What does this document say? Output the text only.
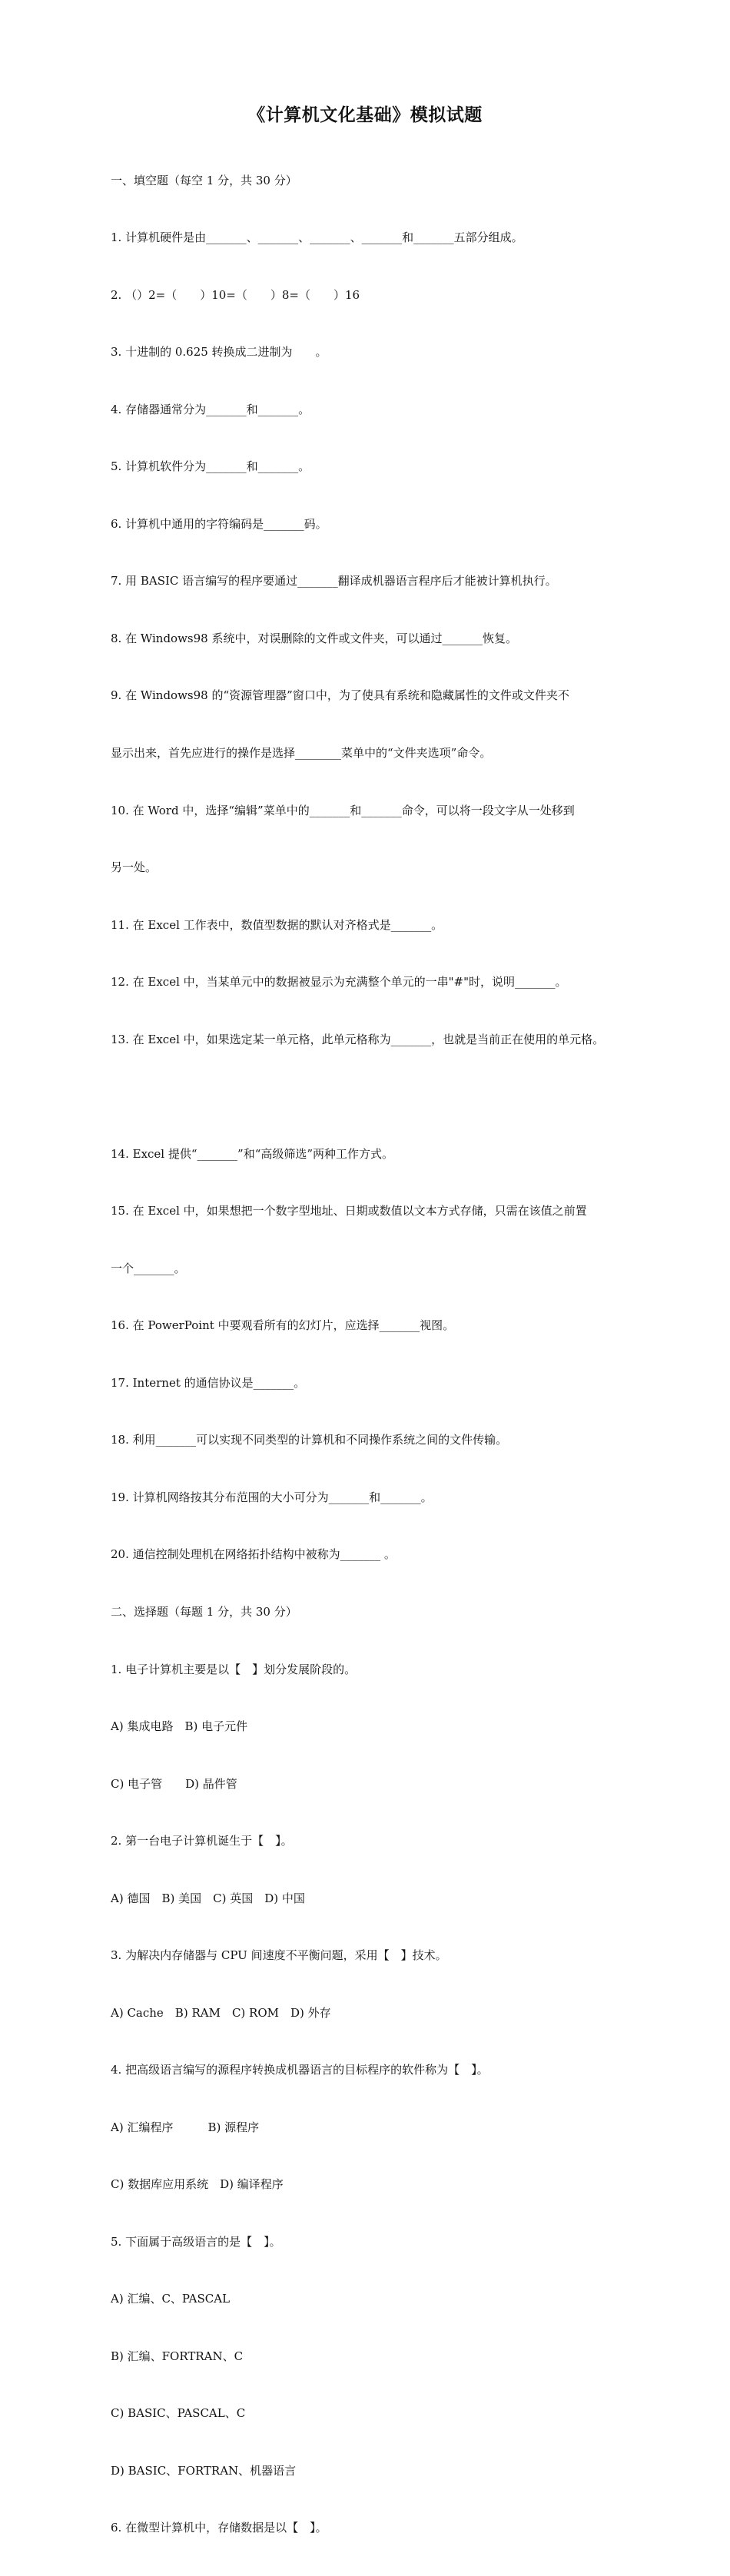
《计算机文化基础》模拟试题

一、填空题（每空 1 分，共 30 分）

1. 计算机硬件是由_______、_______、_______、_______和_______五部分组成。

2. （）2=（　　）10=（　　）8=（　　）16

3. 十进制的 0.625 转换成二进制为　　。

4. 存储器通常分为_______和_______。

5. 计算机软件分为_______和_______。

6. 计算机中通用的字符编码是_______码。

7. 用 BASIC 语言编写的程序要通过_______翻译成机器语言程序后才能被计算机执行。

8. 在 Windows98 系统中，对误删除的文件或文件夹，可以通过_______恢复。

9. 在 Windows98 的“资源管理器”窗口中，为了使具有系统和隐藏属性的文件或文件夹不

显示出来，首先应进行的操作是选择________菜单中的“文件夹选项”命令。

10. 在 Word 中，选择“编辑”菜单中的_______和_______命令，可以将一段文字从一处移到

另一处。

11. 在 Excel 工作表中，数值型数据的默认对齐格式是_______。

12. 在 Excel 中，当某单元中的数据被显示为充满整个单元的一串"#"时，说明_______。

13. 在 Excel 中，如果选定某一单元格，此单元格称为_______，也就是当前正在使用的单元格。

14. Excel 提供“_______”和“高级筛选”两种工作方式。

15. 在 Excel 中，如果想把一个数字型地址、日期或数值以文本方式存储，只需在该值之前置

一个_______。

16. 在 PowerPoint 中要观看所有的幻灯片，应选择_______视图。

17. Internet 的通信协议是_______。

18. 利用_______可以实现不同类型的计算机和不同操作系统之间的文件传输。

19. 计算机网络按其分布范围的大小可分为_______和_______。

20. 通信控制处理机在网络拓扑结构中被称为_______ 。

二、选择题（每题 1 分，共 30 分）

1. 电子计算机主要是以【　】划分发展阶段的。

A) 集成电路　B) 电子元件

C) 电子管　　D) 晶件管

2. 第一台电子计算机诞生于【　】。

A) 德国　B) 美国　C) 英国　D) 中国

3. 为解决内存储器与 CPU 间速度不平衡问题，采用【　】技术。

A) Cache　B) RAM　C) ROM　D) 外存

4. 把高级语言编写的源程序转换成机器语言的目标程序的软件称为【　】。

A) 汇编程序　　　B) 源程序

C) 数据库应用系统　D) 编译程序

5. 下面属于高级语言的是【　】。

A) 汇编、C、PASCAL

B) 汇编、FORTRAN、C

C) BASIC、PASCAL、C

D) BASIC、FORTRAN、机器语言

6. 在微型计算机中，存储数据是以【　】。
